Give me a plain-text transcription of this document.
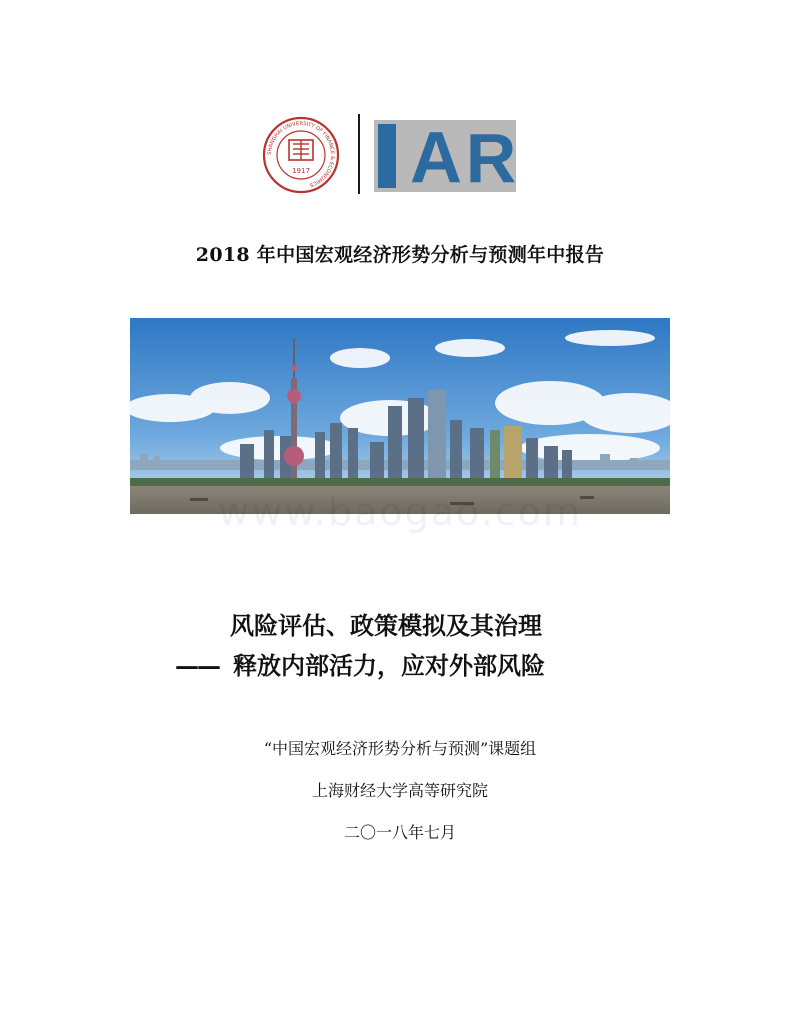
SHANGHAI UNIVERSITY OF FINANCE & ECONOMICS
1917 A R
2018 年中国宏观经济形势分析与预测年中报告
www.baogao.com
风险评估、政策模拟及其治理
—— 释放内部活力，应对外部风险
“中国宏观经济形势分析与预测”课题组
上海财经大学高等研究院
二〇一八年七月
